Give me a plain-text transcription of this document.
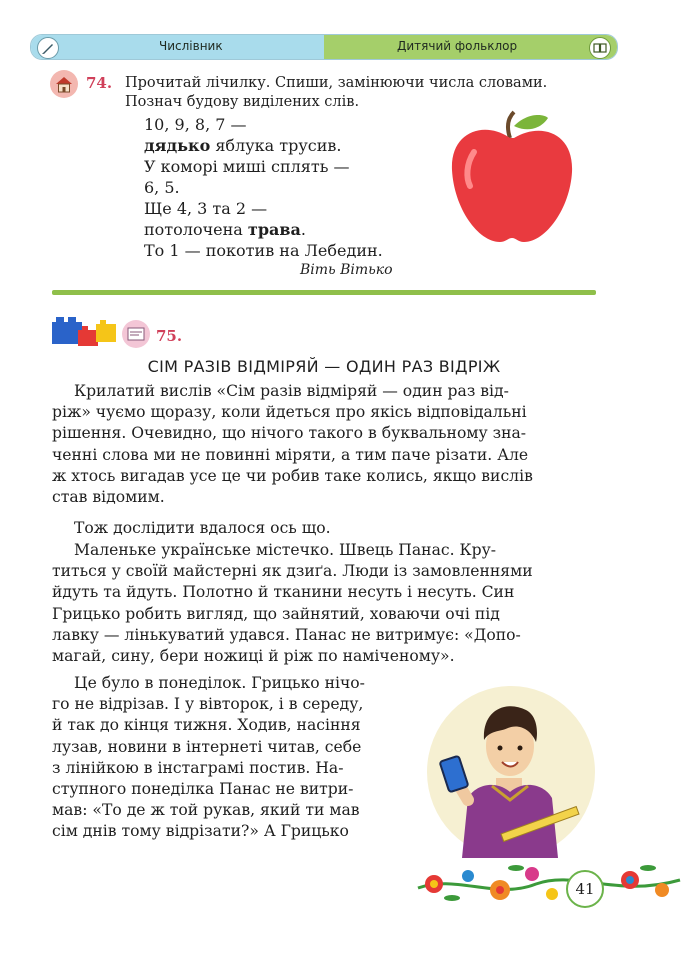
Числівник	Дитячий фольклор
74. Прочитай лічилку. Спиши, замінюючи числа словами.
Познач будову виділених слів.
10, 9, 8, 7 —
дядько яблука трусив.
У коморі миші сплять —
6, 5.
Ще 4, 3 та 2 —
потолочена трава.
То 1 — покотив на Лебедин.
Віть Вітько
75.
СІМ РАЗІВ ВІДМІРЯЙ — ОДИН РАЗ ВІДРІЖ
Крилатий вислів «Сім разів відміряй — один раз від-
ріж» чуємо щоразу, коли йдеться про якісь відповідальні
рішення. Очевидно, що нічого такого в буквальному зна-
ченні слова ми не повинні міряти, а тим паче різати. Але
ж хтось вигадав усе це чи робив таке колись, якщо вислів
став відомим.
Тож дослідити вдалося ось що.
Маленьке українське містечко. Швець Панас. Кру-
титься у своїй майстерні як дзиґа. Люди із замовленнями
йдуть та йдуть. Полотно й тканини несуть і несуть. Син
Грицько робить вигляд, що зайнятий, ховаючи очі під
лавку — лінькуватий удався. Панас не витримує: «Допо-
магай, сину, бери ножиці й ріж по наміченому».
Це було в понеділок. Грицько нічо-
го не відрізав. І у вівторок, і в середу,
й так до кінця тижня. Ходив, насіння
лузав, новини в інтернеті читав, себе
з лінійкою в інстаграмі постив. На-
ступного понеділка Панас не витри-
мав: «То де ж той рукав, який ти мав
сім днів тому відрізати?» А Грицько
41
